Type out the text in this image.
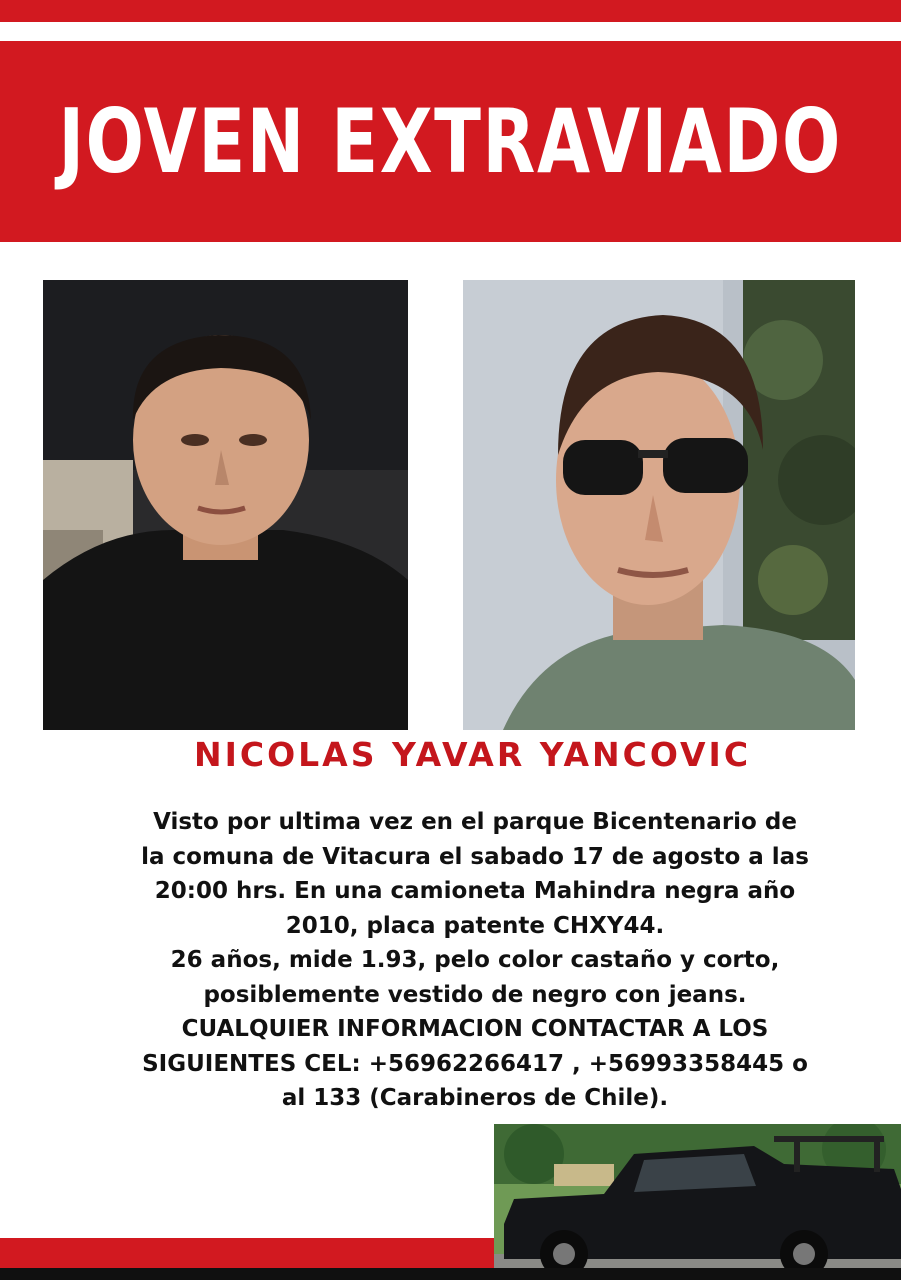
JOVEN EXTRAVIADO
NICOLAS YAVAR YANCOVIC
Visto por ultima vez en el parque Bicentenario de
la comuna de Vitacura el sabado 17 de agosto a las
20:00 hrs. En una camioneta Mahindra negra año
2010, placa patente CHXY44.
26 años, mide 1.93, pelo color castaño y corto,
posiblemente vestido de negro con jeans.
CUALQUIER INFORMACION CONTACTAR A LOS
SIGUIENTES CEL: +56962266417 , +56993358445 o
al 133 (Carabineros de Chile).
